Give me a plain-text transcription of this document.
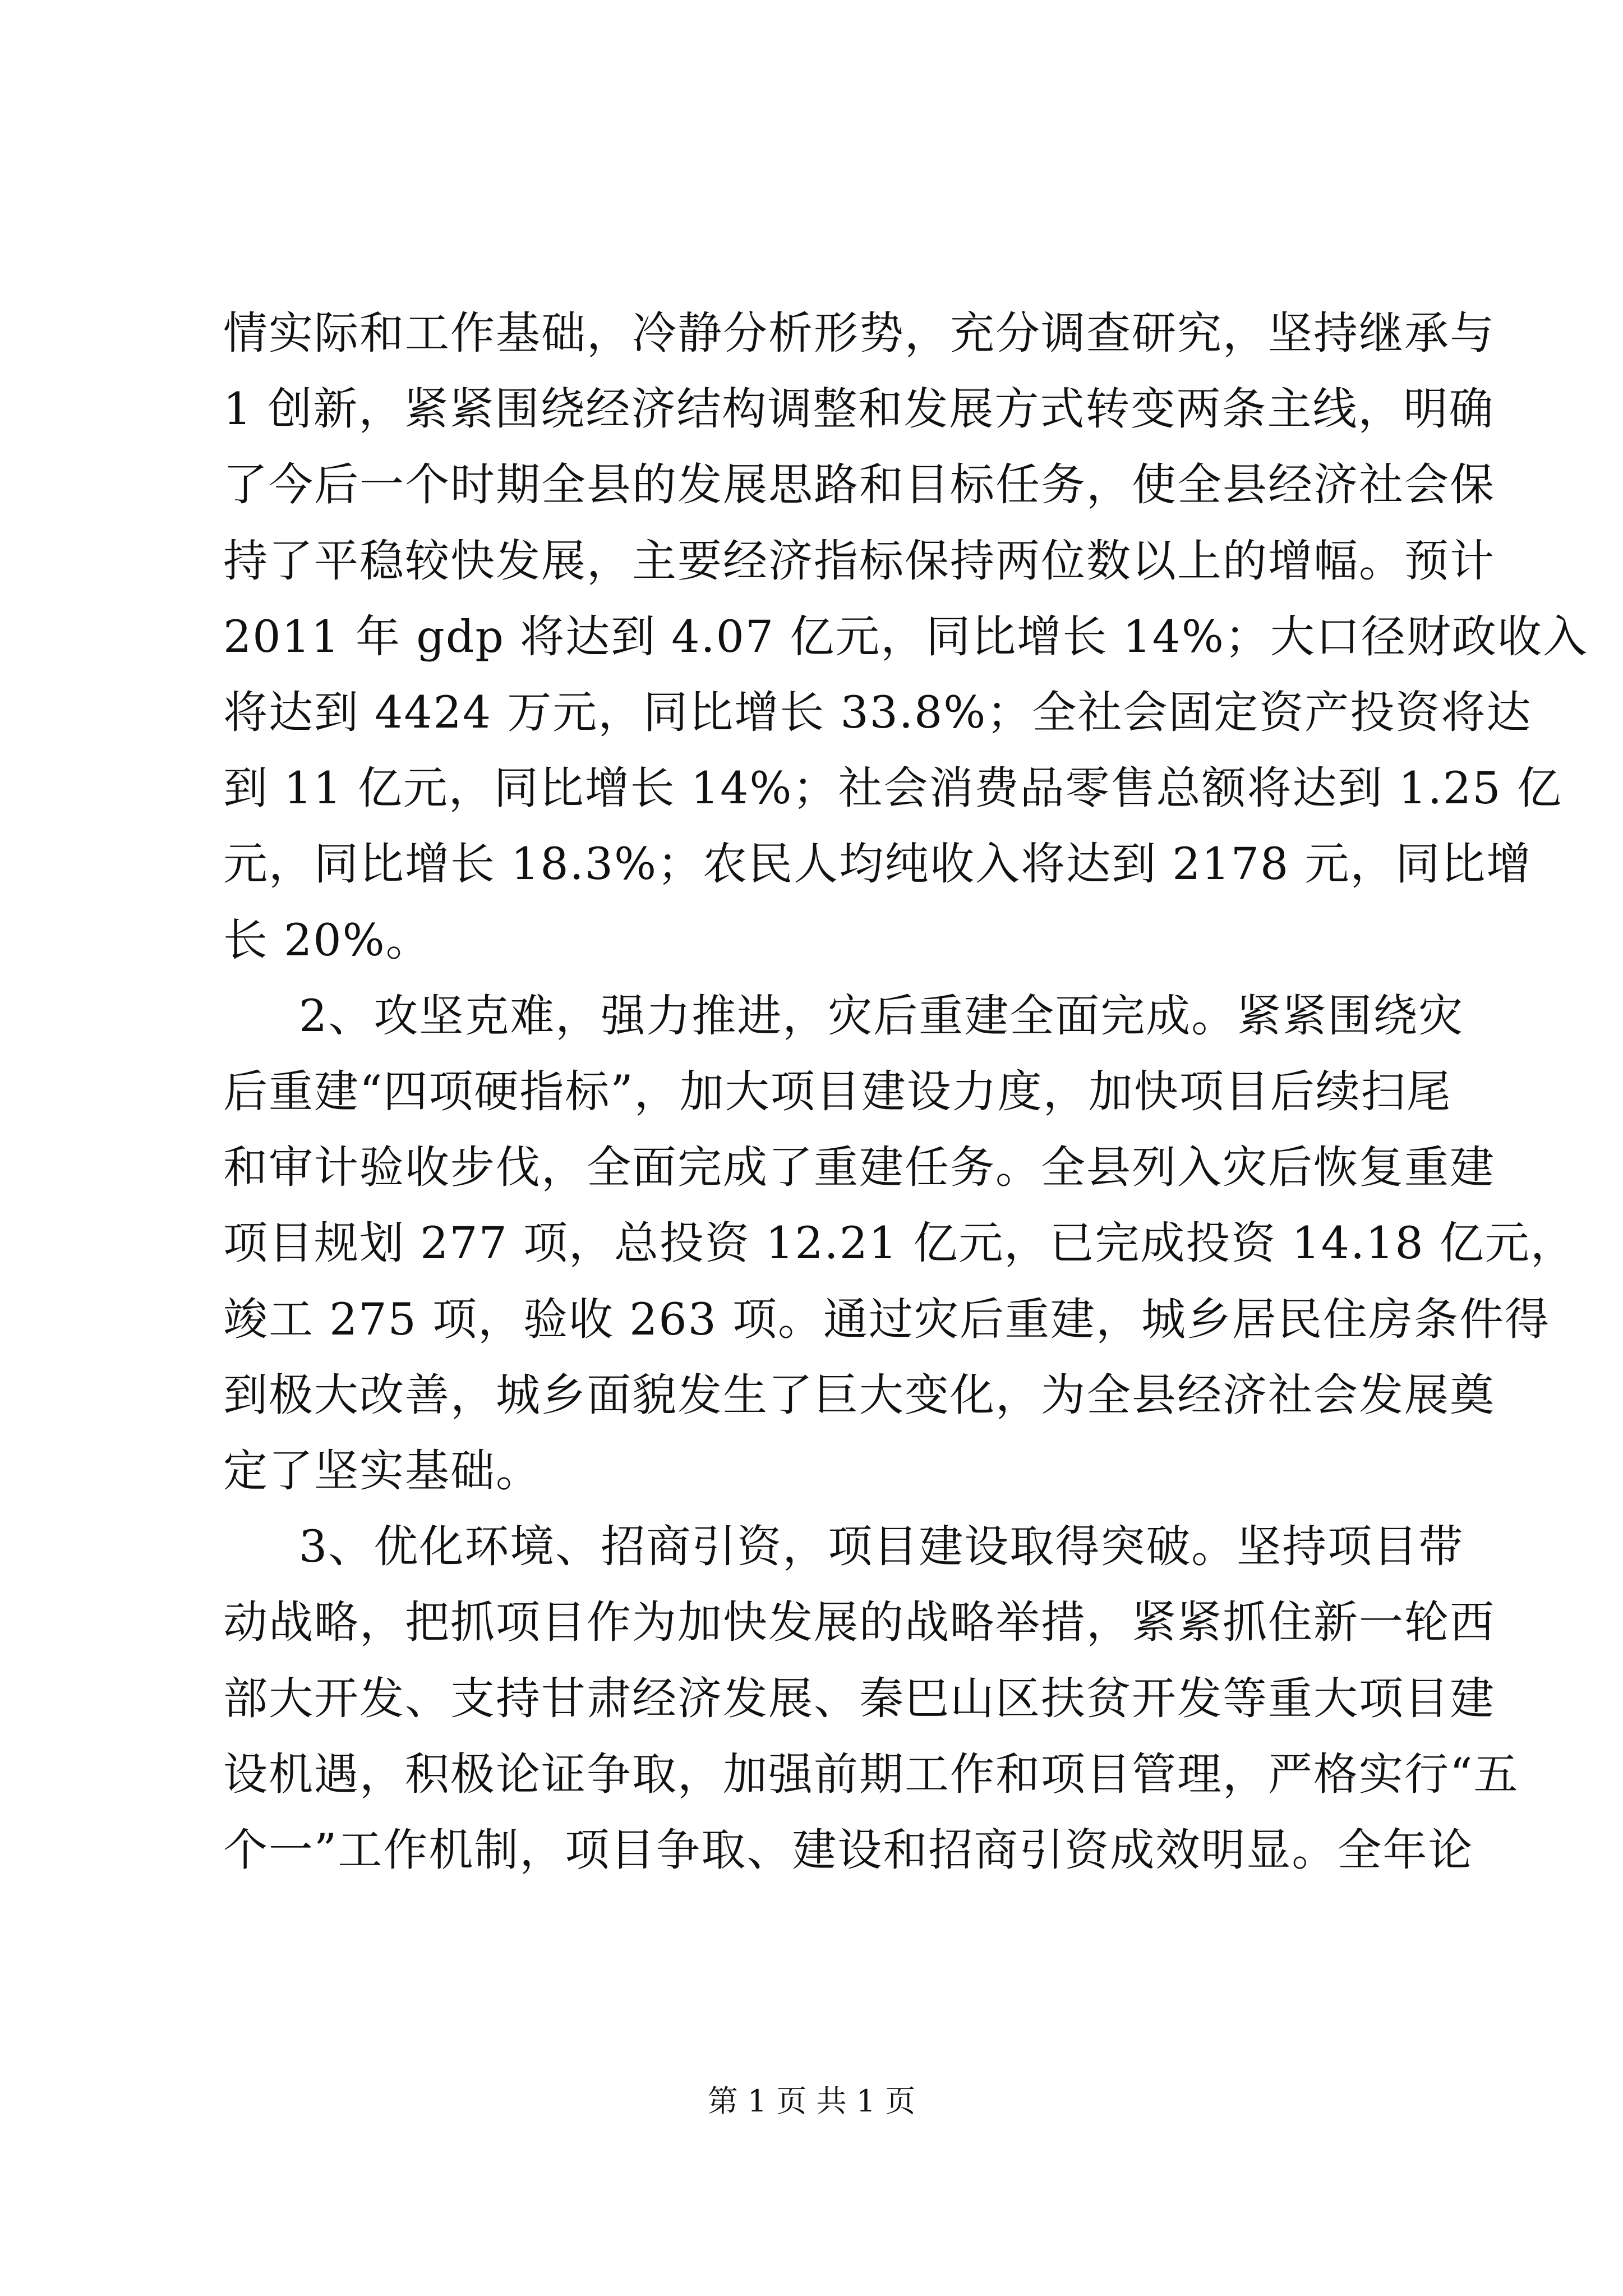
情实际和工作基础，冷静分析形势，充分调查研究，坚持继承与
1 创新，紧紧围绕经济结构调整和发展方式转变两条主线，明确
了今后一个时期全县的发展思路和目标任务，使全县经济社会保
持了平稳较快发展，主要经济指标保持两位数以上的增幅。预计
2011 年 gdp 将达到 4.07 亿元，同比增长 14%；大口径财政收入
将达到 4424 万元，同比增长 33.8%；全社会固定资产投资将达
到 11 亿元，同比增长 14%；社会消费品零售总额将达到 1.25 亿
元，同比增长 18.3%；农民人均纯收入将达到 2178 元，同比增
长 20%。
2、攻坚克难，强力推进，灾后重建全面完成。紧紧围绕灾
后重建“四项硬指标”，加大项目建设力度，加快项目后续扫尾
和审计验收步伐，全面完成了重建任务。全县列入灾后恢复重建
项目规划 277 项，总投资 12.21 亿元，已完成投资 14.18 亿元，
竣工 275 项，验收 263 项。通过灾后重建，城乡居民住房条件得
到极大改善，城乡面貌发生了巨大变化，为全县经济社会发展奠
定了坚实基础。
3、优化环境、招商引资，项目建设取得突破。坚持项目带
动战略，把抓项目作为加快发展的战略举措，紧紧抓住新一轮西
部大开发、支持甘肃经济发展、秦巴山区扶贫开发等重大项目建
设机遇，积极论证争取，加强前期工作和项目管理，严格实行“五
个一”工作机制，项目争取、建设和招商引资成效明显。全年论
第 1 页 共 1 页
